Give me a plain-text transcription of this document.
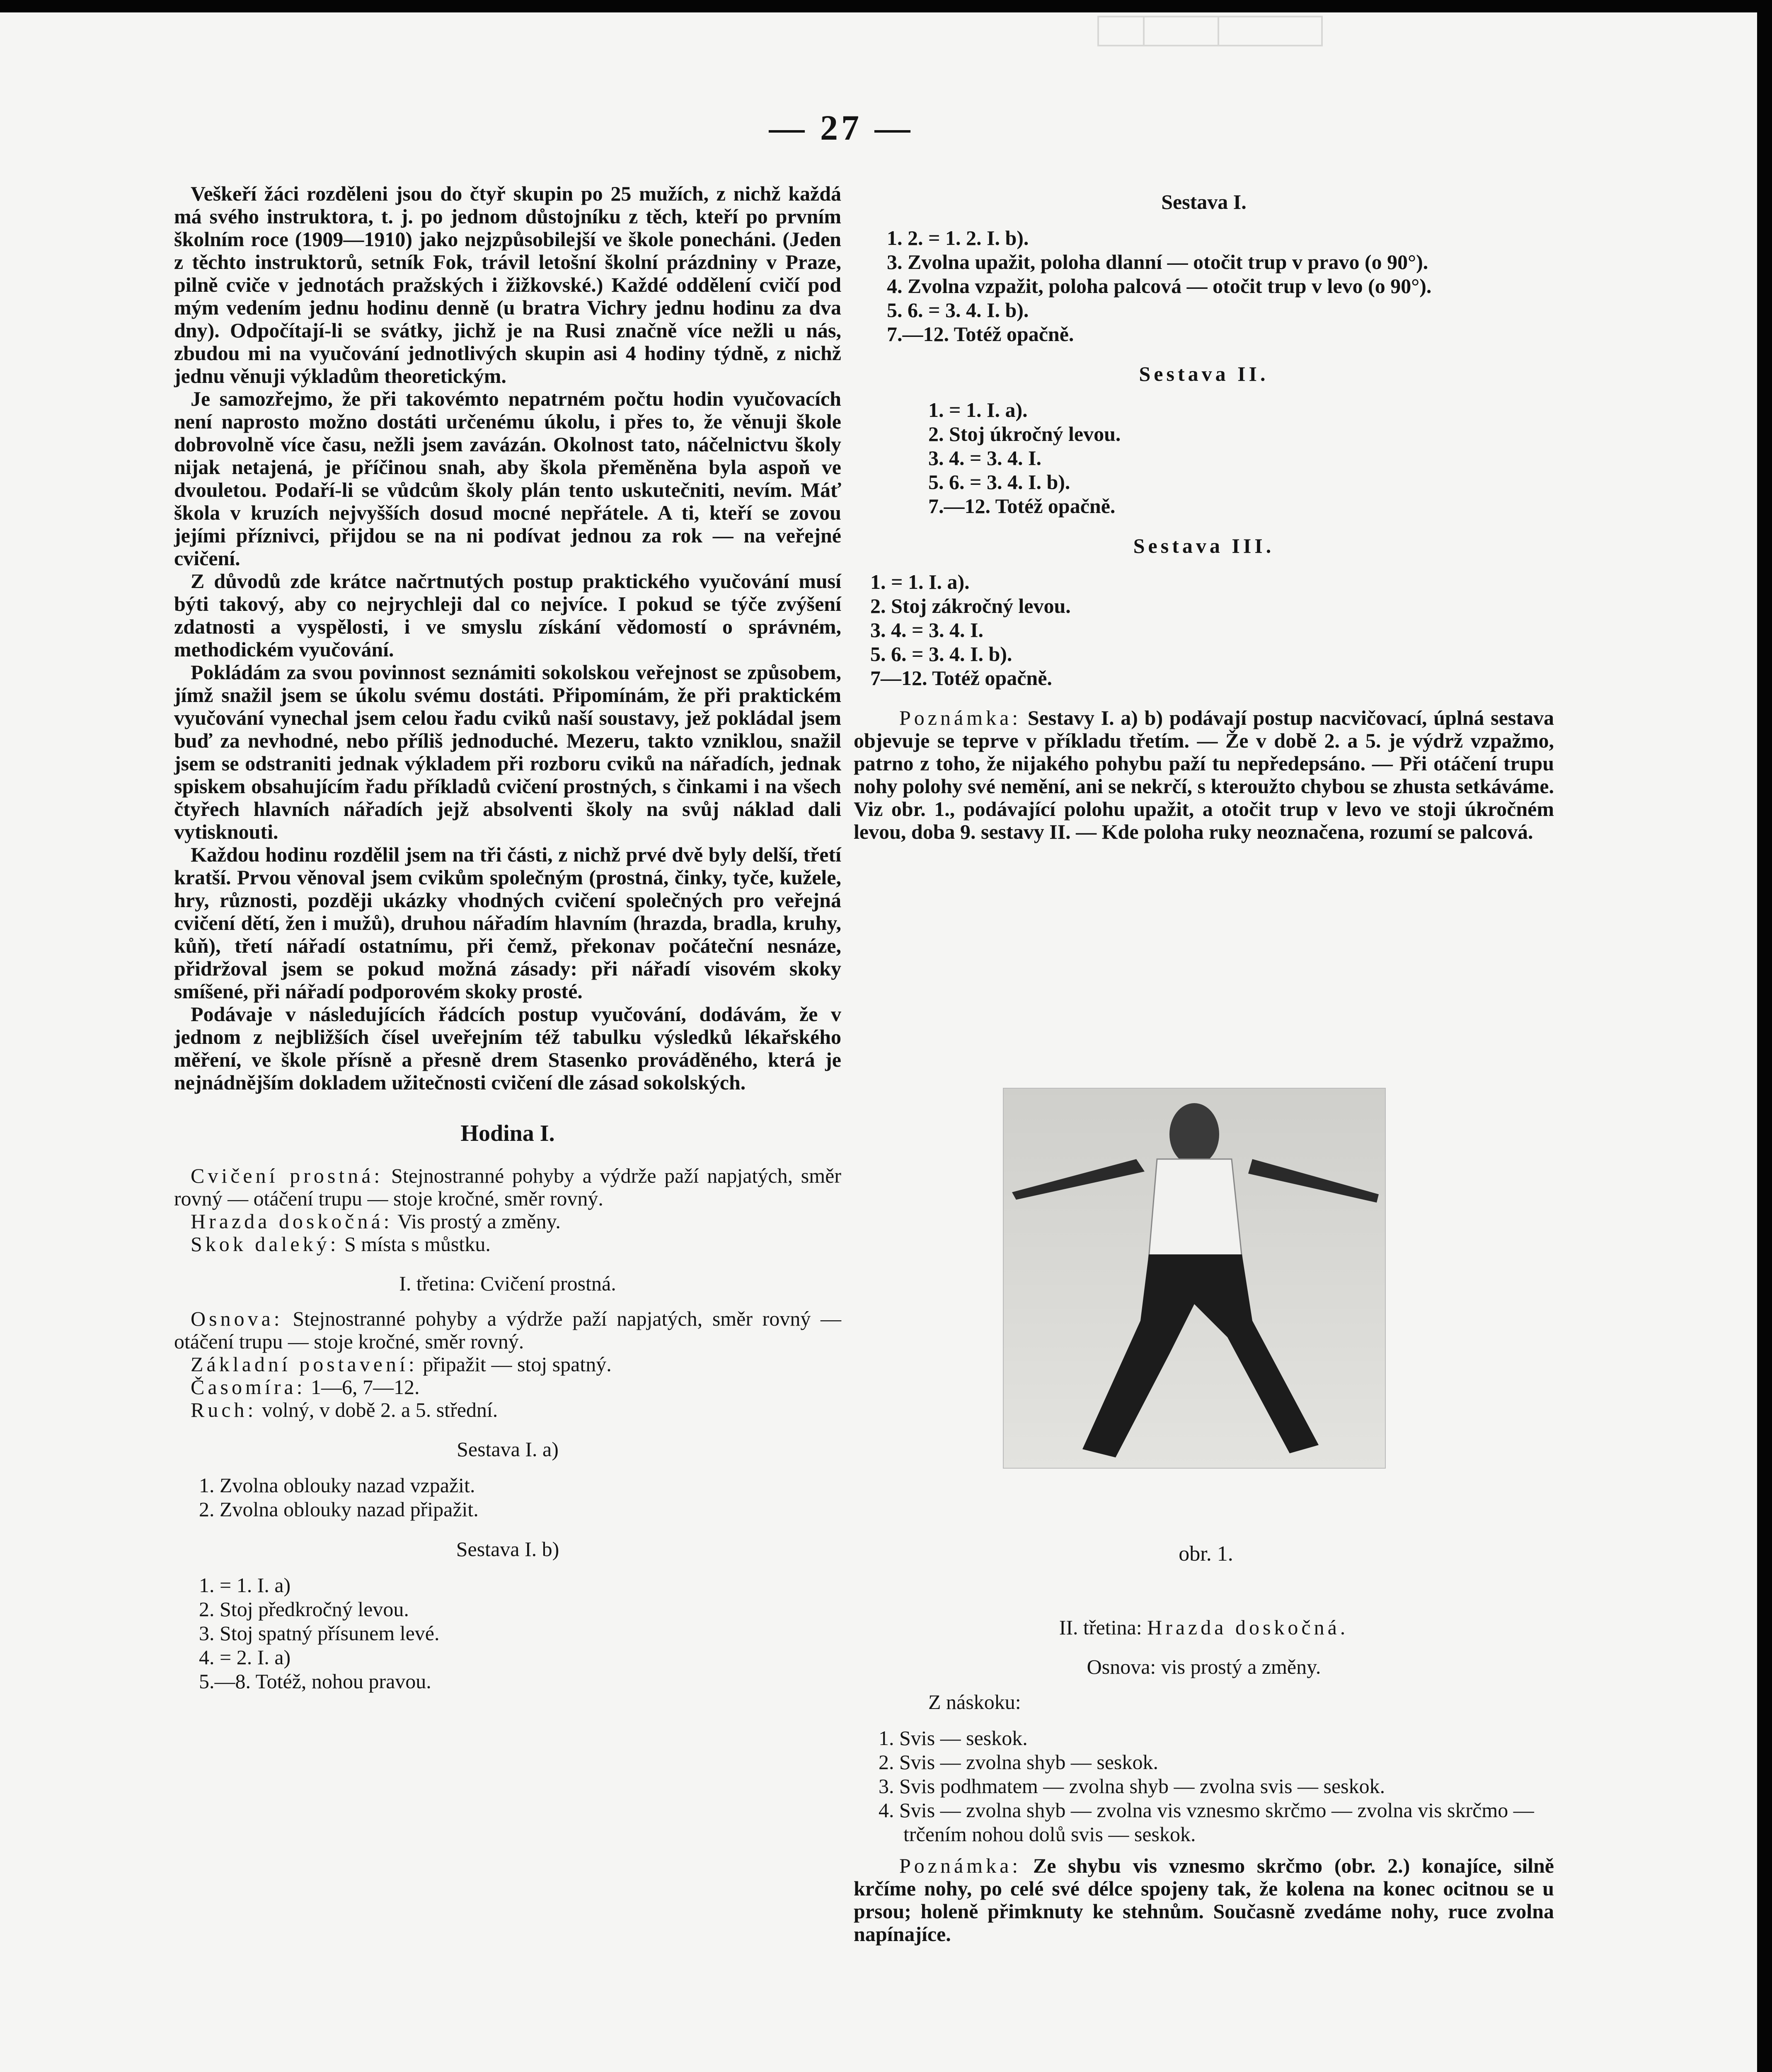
— 27 —

Veškeří žáci rozděleni jsou do čtyř skupin po 25 mužích, z nichž každá má svého instruktora, t. j. po jednom důstojníku z těch, kteří po prvním školním roce (1909—1910) jako nejzpůsobilejší ve škole ponecháni. (Jeden z těchto instruktorů, setník Fok, trávil letošní školní prázdniny v Praze, pilně cviče v jednotách pražských i žižkovské.) Každé oddělení cvičí pod mým vedením jednu hodinu denně (u bratra Vichry jednu hodinu za dva dny). Odpočítají-li se svátky, jichž je na Rusi značně více nežli u nás, zbudou mi na vyučování jednotlivých skupin asi 4 hodiny týdně, z nichž jednu věnuji výkladům theoretickým.

Je samozřejmo, že při takovémto nepatrném počtu hodin vyučovacích není naprosto možno dostáti určenému úkolu, i přes to, že věnuji škole dobrovolně více času, nežli jsem zavázán. Okolnost tato, náčelnictvu školy nijak netajená, je příčinou snah, aby škola přeměněna byla aspoň ve dvouletou. Podaří-li se vůdcům školy plán tento uskutečniti, nevím. Máť škola v kruzích nejvyšších dosud mocné nepřátele. A ti, kteří se zovou jejími příznivci, přijdou se na ni podívat jednou za rok — na veřejné cvičení.

Z důvodů zde krátce načrtnutých postup praktického vyučování musí býti takový, aby co nejrychleji dal co nejvíce. I pokud se týče zvýšení zdatnosti a vyspělosti, i ve smyslu získání vědomostí o správném, methodickém vyučování.

Pokládám za svou povinnost seznámiti sokolskou veřejnost se způsobem, jímž snažil jsem se úkolu svému dostáti. Připomínám, že při praktickém vyučování vynechal jsem celou řadu cviků naší soustavy, jež pokládal jsem buď za nevhodné, nebo příliš jednoduché. Mezeru, takto vzniklou, snažil jsem se odstraniti jednak výkladem při rozboru cviků na nářadích, jednak spiskem obsahujícím řadu příkladů cvičení prostných, s činkami i na všech čtyřech hlavních nářadích jejž absolventi školy na svůj náklad dali vytisknouti.

Každou hodinu rozdělil jsem na tři části, z nichž prvé dvě byly delší, třetí kratší. Prvou věnoval jsem cvikům společným (prostná, činky, tyče, kužele, hry, různosti, později ukázky vhodných cvičení společných pro veřejná cvičení dětí, žen i mužů), druhou nářadím hlavním (hrazda, bradla, kruhy, kůň), třetí nářadí ostatnímu, při čemž, překonav počáteční nesnáze, přidržoval jsem se pokud možná zásady: při nářadí visovém skoky smíšené, při nářadí podporovém skoky prosté.

Podávaje v následujících řádcích postup vyučování, dodávám, že v jednom z nejbližších čísel uveřejním též tabulku výsledků lékařského měření, ve škole přísně a přesně drem Stasenko prováděného, která je nejnádnějším dokladem užitečnosti cvičení dle zásad sokolských.

Hodina I.

Cvičení prostná: Stejnostranné pohyby a výdrže paží napjatých, směr rovný — otáčení trupu — stoje kročné, směr rovný.

Hrazda doskočná: Vis prostý a změny.

Skok daleký: S místa s můstku.

I. třetina: Cvičení prostná.

Osnova: Stejnostranné pohyby a výdrže paží napjatých, směr rovný — otáčení trupu — stoje kročné, směr rovný.

Základní postavení: připažit — stoj spatný.

Časomíra: 1—6, 7—12.

Ruch: volný, v době 2. a 5. střední.

Sestava I. a)
1. Zvolna oblouky nazad vzpažit.
2. Zvolna oblouky nazad připažit.
Sestava I. b)
1. = 1. I. a)
2. Stoj předkročný levou.
3. Stoj spatný přísunem levé.
4. = 2. I. a)
5.—8. Totéž, nohou pravou.
Sestava I.
1. 2. = 1. 2. I. b).
3. Zvolna upažit, poloha dlanní — otočit trup v pravo (o 90°).
4. Zvolna vzpažit, poloha palcová — otočit trup v levo (o 90°).
5. 6. = 3. 4. I. b).
7.—12. Totéž opačně.
Sestava II.
1. = 1. I. a).
2. Stoj úkročný levou.
3. 4. = 3. 4. I.
5. 6. = 3. 4. I. b).
7.—12. Totéž opačně.
Sestava III.
1. = 1. I. a).
2. Stoj zákročný levou.
3. 4. = 3. 4. I.
5. 6. = 3. 4. I. b).
7—12. Totéž opačně.

Poznámka: Sestavy I. a) b) podávají postup nacvičovací, úplná sestava objevuje se teprve v příkladu třetím. — Že v době 2. a 5. je výdrž vzpažmo, patrno z toho, že nijakého pohybu paží tu nepředepsáno. — Při otáčení trupu nohy polohy své nemění, ani se nekrčí, s kteroužto chybou se zhusta setkáváme. Viz obr. 1., podávající polohu upažit, a otočit trup v levo ve stoji úkročném levou, doba 9. sestavy II. — Kde poloha ruky neoznačena, rozumí se palcová.

obr. 1.
II. třetina: Hrazda doskočná.
Osnova: vis prostý a změny.
Z náskoku:
1. Svis — seskok.
2. Svis — zvolna shyb — seskok.
3. Svis podhmatem — zvolna shyb — zvolna svis — seskok.
4. Svis — zvolna shyb — zvolna vis vznesmo skrčmo — zvolna vis skrčmo — trčením nohou dolů svis — seskok.

Poznámka: Ze shybu vis vznesmo skrčmo (obr. 2.) konajíce, silně krčíme nohy, po celé své délce spojeny tak, že kolena na konec ocitnou se u prsou; holeně přimknuty ke stehnům. Současně zvedáme nohy, ruce zvolna napínajíce.
